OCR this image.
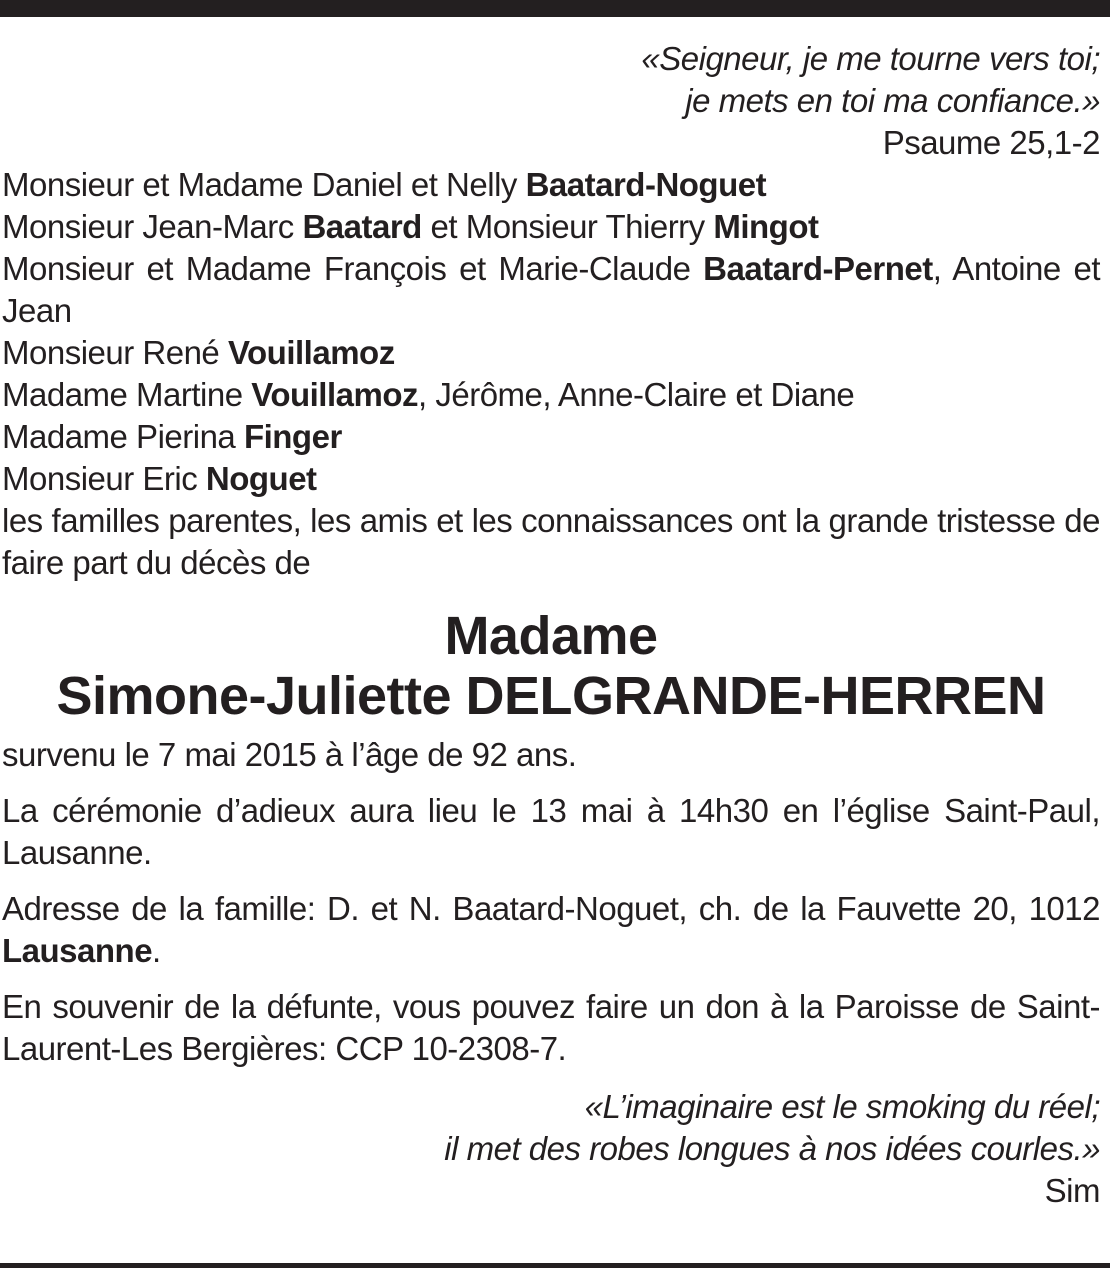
«Seigneur, je me tourne vers toi;
je mets en toi ma confiance.»
Psaume 25,1-2
Monsieur et Madame Daniel et Nelly Baatard-Noguet
Monsieur Jean-Marc Baatard et Monsieur Thierry Mingot
Monsieur et Madame François et Marie-Claude Baatard-Pernet, Antoine et Jean
Monsieur René Vouillamoz
Madame Martine Vouillamoz, Jérôme, Anne-Claire et Diane
Madame Pierina Finger
Monsieur Eric Noguet
les familles parentes, les amis et les connaissances ont la grande tristesse de faire part du décès de
Madame
Simone-Juliette DELGRANDE-HERREN
survenu le 7 mai 2015 à l’âge de 92 ans.
La cérémonie d’adieux aura lieu le 13 mai à 14h30 en l’église Saint-Paul, Lausanne.
Adresse de la famille: D. et N. Baatard-Noguet, ch. de la Fauvette 20, 1012 Lausanne.
En souvenir de la défunte, vous pouvez faire un don à la Paroisse de Saint-Laurent-Les Bergières: CCP 10-2308-7.
«L’imaginaire est le smoking du réel;
il met des robes longues à nos idées courles.»
Sim
